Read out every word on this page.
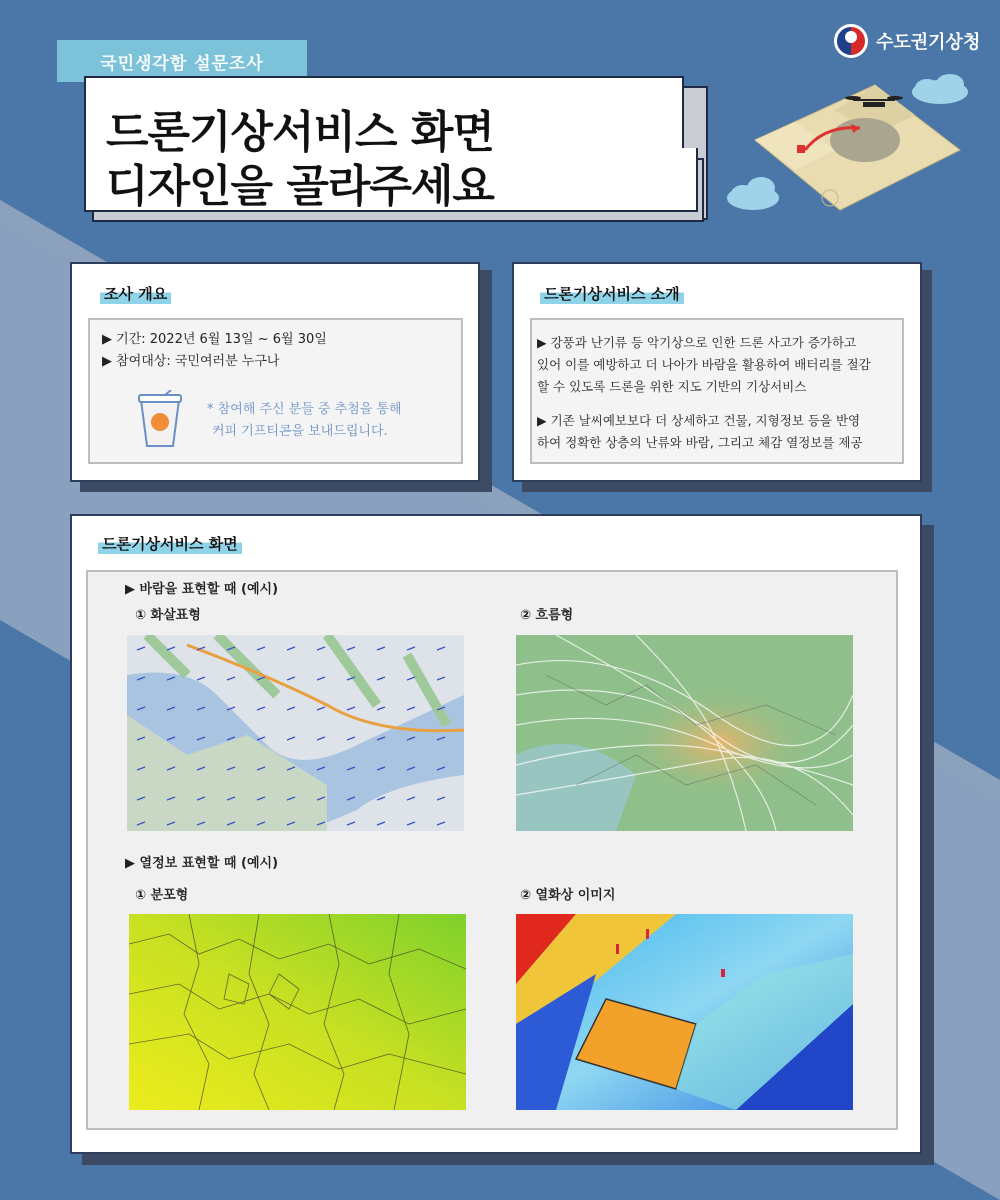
국민생각함 설문조사
수도권기상청
드론기상서비스 화면
디자인을 골라주세요
조사 개요
▶ 기간: 2022년 6월 13일 ~ 6월 30일
▶ 참여대상: 국민여러분 누구나
* 참여해 주신 분들 중 추첨을 통해
커피 기프티콘을 보내드립니다.
드론기상서비스 소개
▶ 강풍과 난기류 등 악기상으로 인한 드론 사고가 증가하고
있어 이를 예방하고 더 나아가 바람을 활용하여 배터리를 절감
할 수 있도록 드론을 위한 지도 기반의 기상서비스
▶ 기존 날씨예보보다 더 상세하고 건물, 지형정보 등을 반영
하여 정확한 상층의 난류와 바람, 그리고 체감 열정보를 제공
드론기상서비스 화면
▶ 바람을 표현할 때 (예시)
① 화살표형	② 흐름형
▶ 열정보 표현할 때 (예시)
① 분포형	② 열화상 이미지
